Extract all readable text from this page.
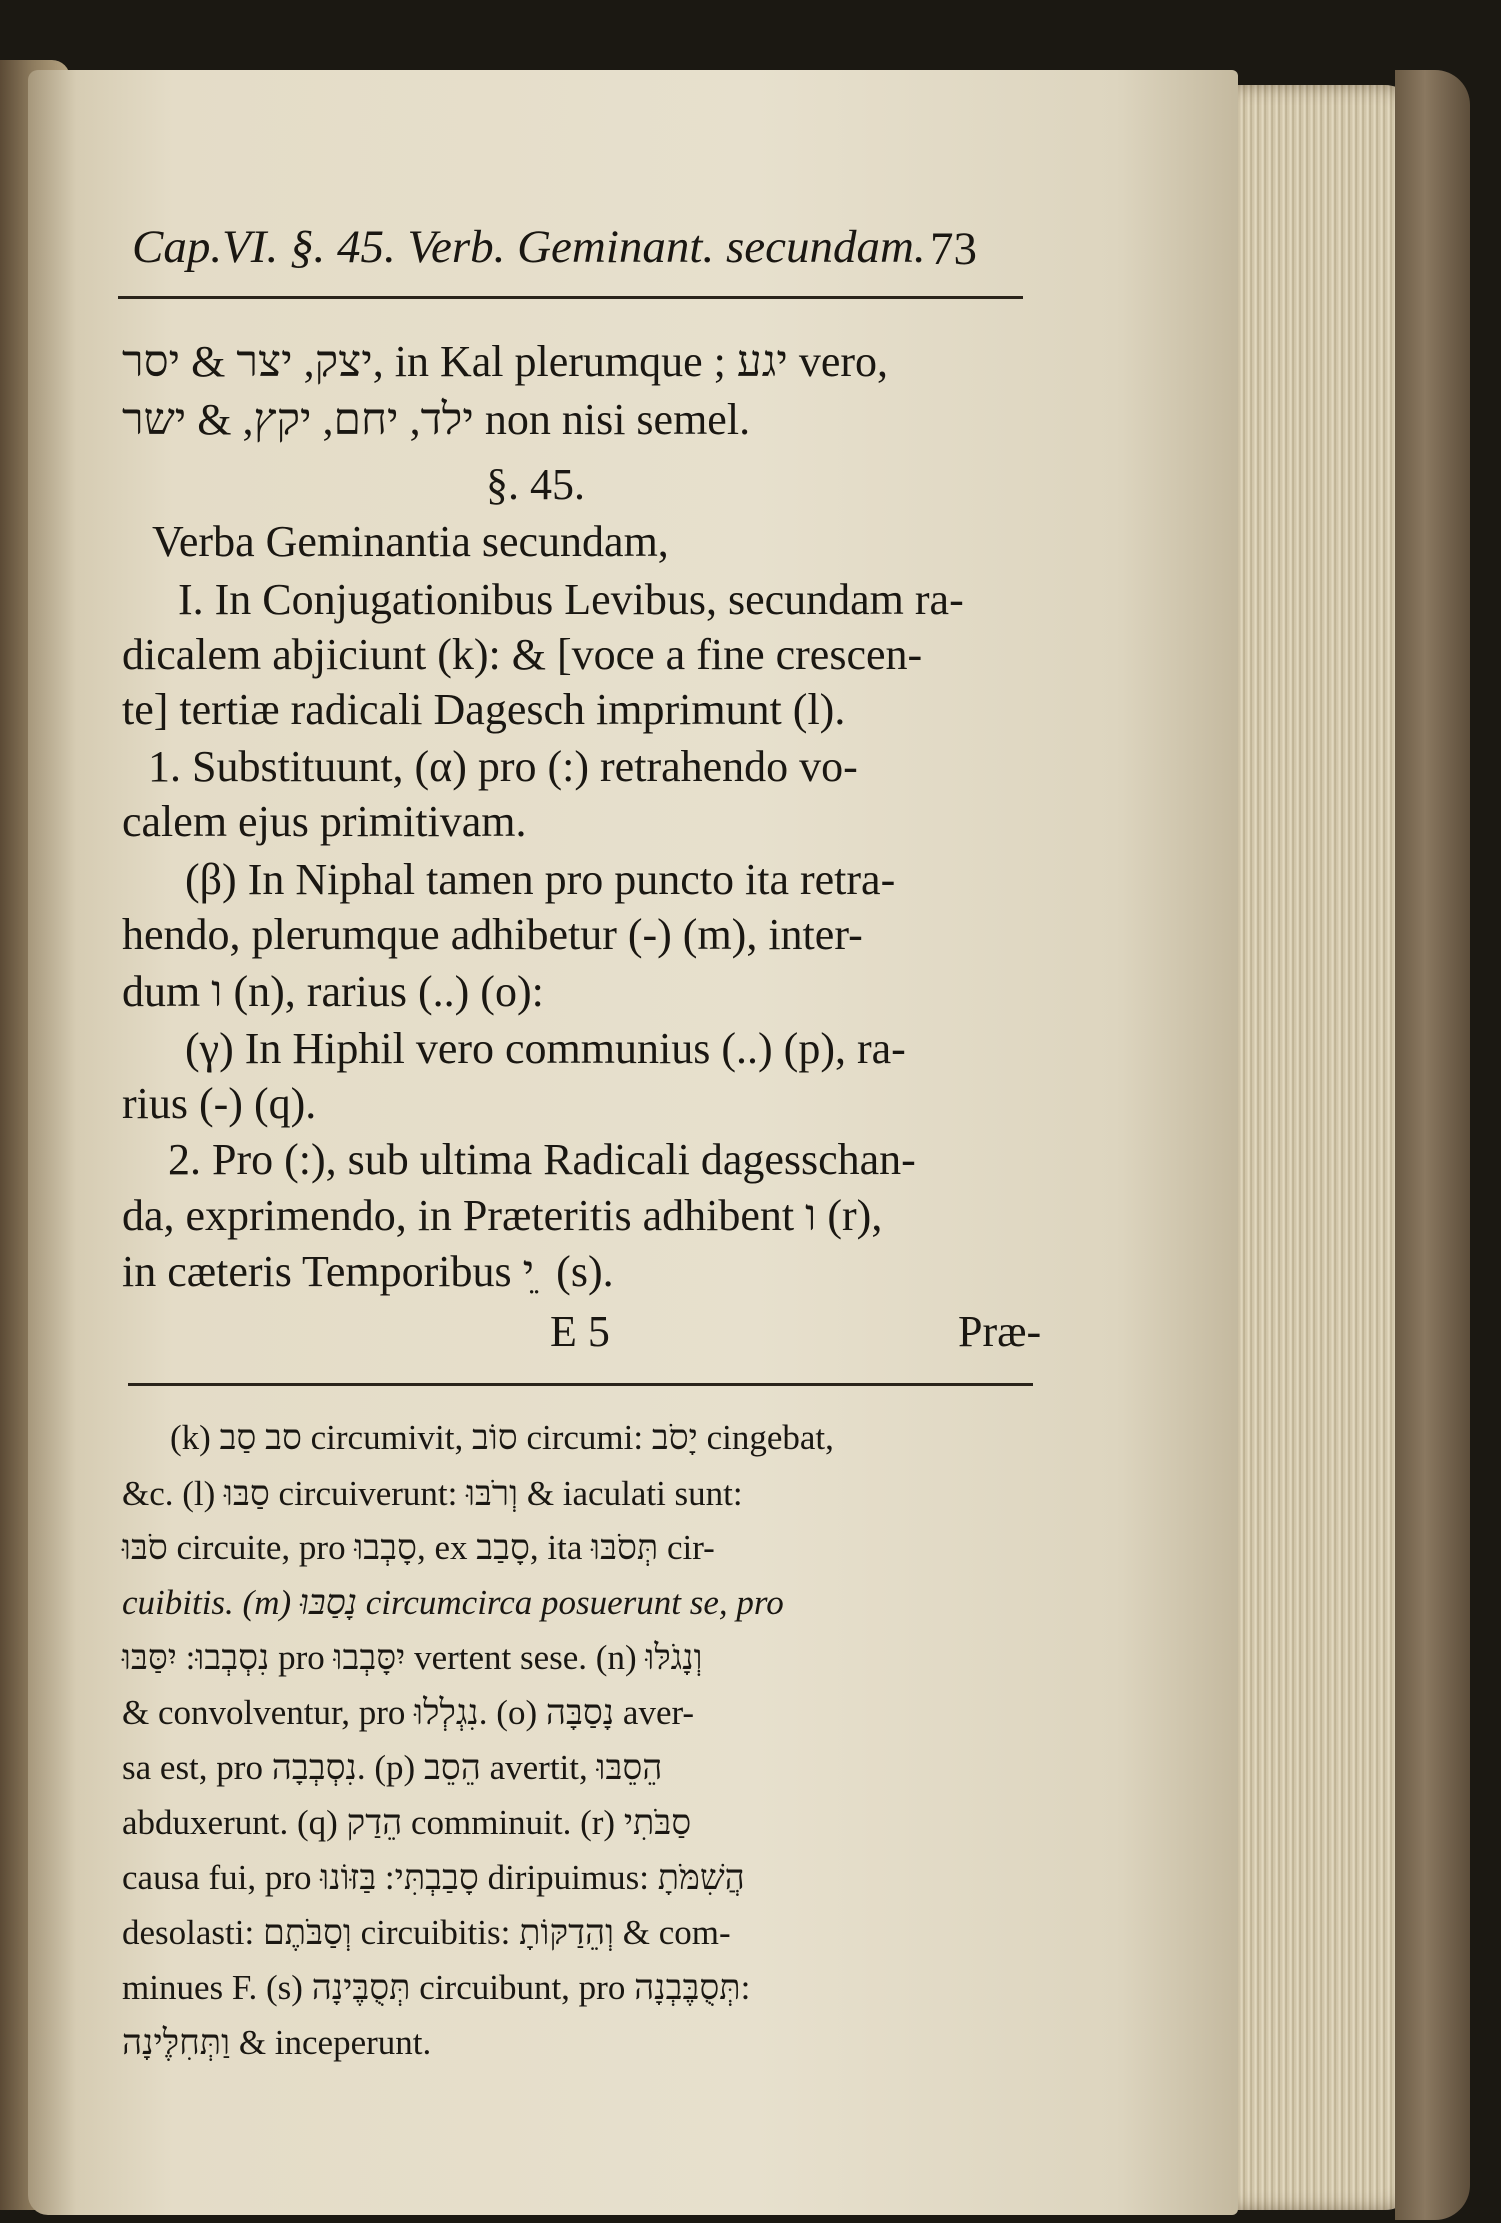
Cap.VI. §. 45. Verb. Geminant. secundam. 73
יצק, יצר & יסר, in Kal plerumque ; יגע vero,
ילד, יחם, יקץ, & ישר non nisi semel.
§. 45.
Verba Geminantia secundam,
I. In Conjugationibus Levibus, secundam ra-
dicalem abjiciunt (k): & [voce a fine crescen-
te] tertiæ radicali Dagesch imprimunt (l).
1. Substituunt, (α) pro (:) retrahendo vo-
calem ejus primitivam.
(β) In Niphal tamen pro puncto ita retra-
hendo, plerumque adhibetur (-) (m), inter-
dum ו (n), rarius (..) (o):
(γ) In Hiphil vero communius (..) (p), ra-
rius (-) (q).
2. Pro (:), sub ultima Radicali dagesschan-
da, exprimendo, in Præteritis adhibent ו (r),
in cæteris Temporibus י ֵ (s).
E 5	Præ-
(k) סב סַב circumivit, סוֹב circumi: יָסֹב cingebat,
&c. (l) סַבּוּ circuiverunt: וְרֹבּוּ & iaculati sunt:
סֹבּוּ circuite, pro סָבְבוּ, ex סָבַב, ita תְּסֹבּוּ cir-
cuibitis. (m) נָסַבּוּ circumcirca posuerunt se, pro
נִסְבְבוּ: יִסַּבּוּ pro יִסָּבְבוּ vertent sese. (n) וְנָגֹלּוּ
& convolventur, pro נִגְלְלוּ. (o) נָסַבָּה aver-
sa est, pro נִסְבְבָה. (p) הֵסֵב avertit, הֵסֵבּוּ
abduxerunt. (q) הֵדַק comminuit. (r) סַבֹּתִי
causa fui, pro סָבַבְתִּי: בַּזּוֹנוּ diripuimus: הֲשִׁמֹּתָ
desolasti: וְסַבֹּתֶם circuibitis: וְהֵדַקּוֹתָ & com-
minues F. (s) תְּסֻבֶּינָה circuibunt, pro תְּסֻבֶּבְנָה:
וַתְּחִלֶּינָה & inceperunt.
